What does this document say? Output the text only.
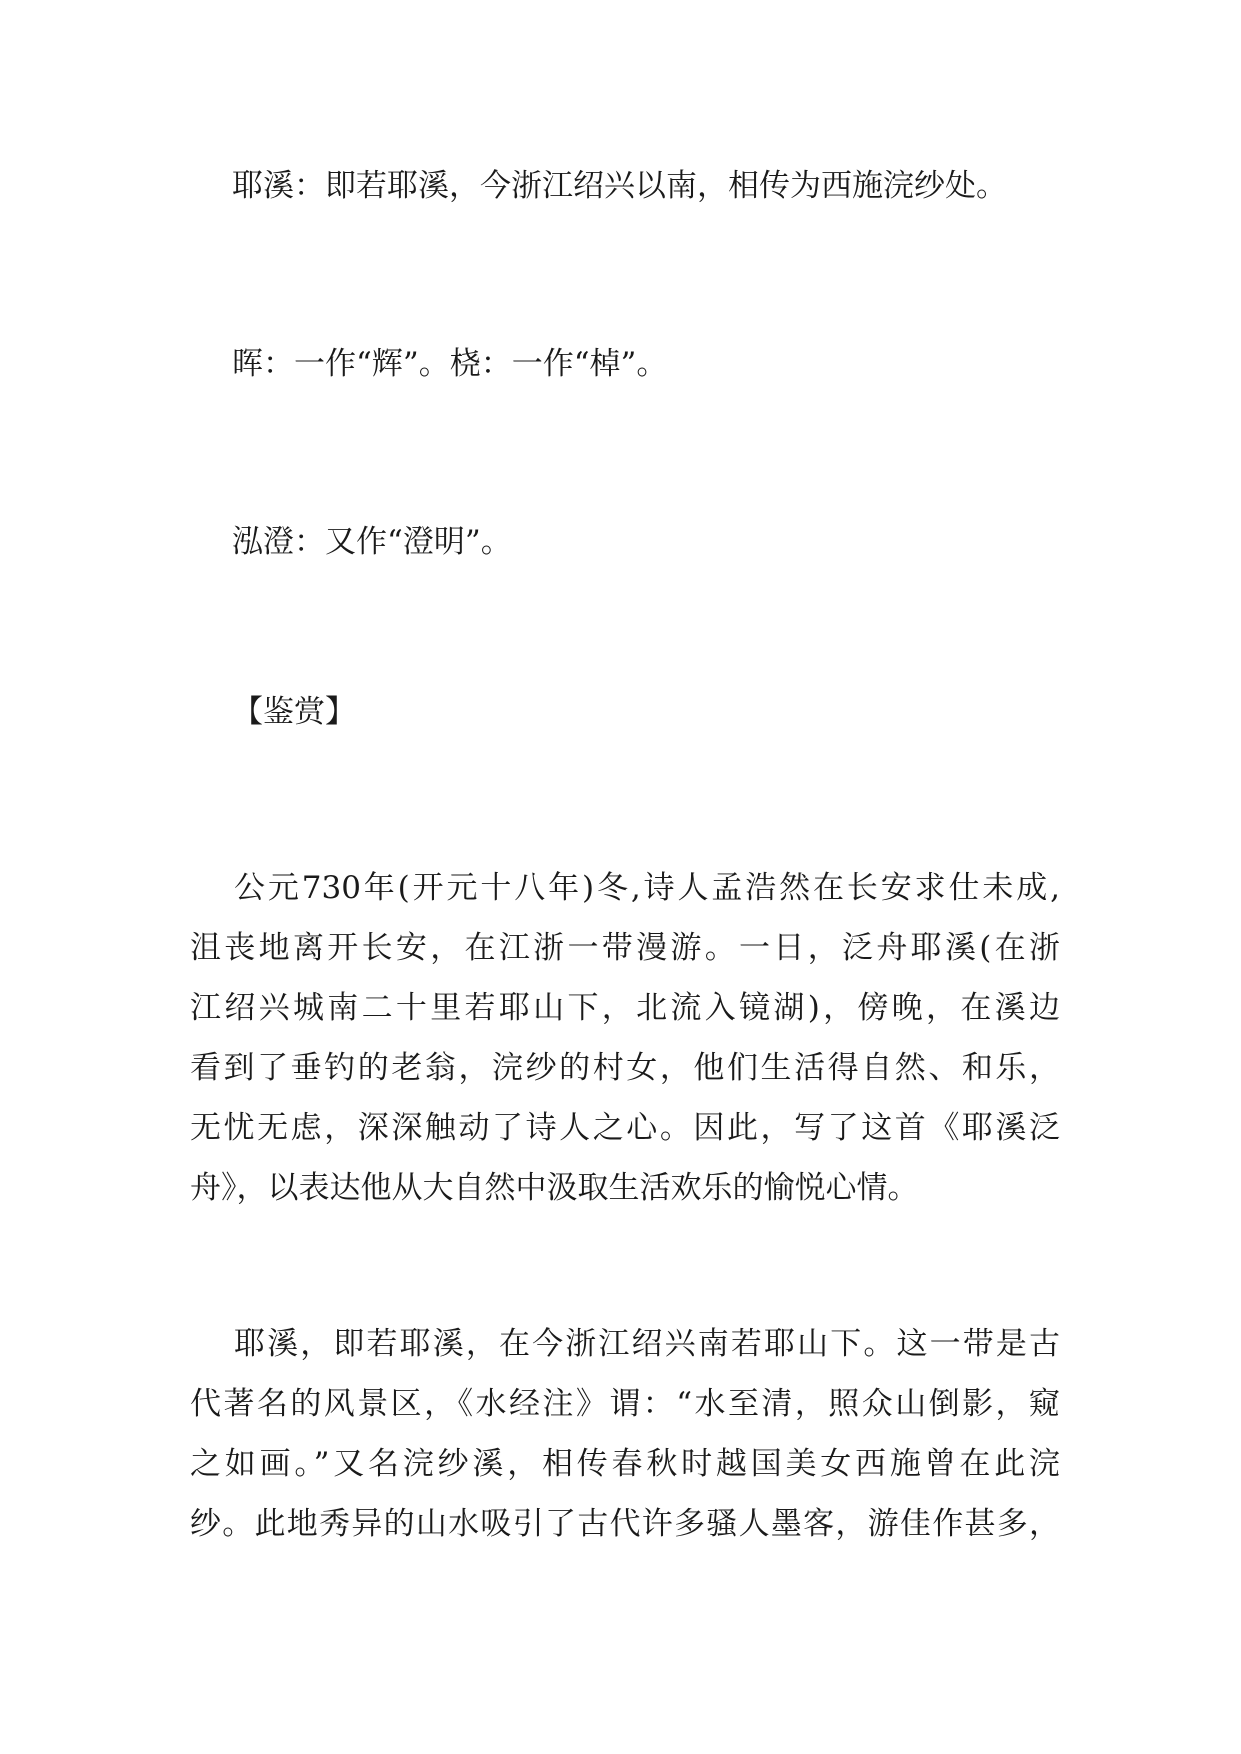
耶溪：即若耶溪，今浙江绍兴以南，相传为西施浣纱处。

晖：一作“辉”。桡：一作“棹”。

泓澄：又作“澄明”。

【鉴赏】

公元730年(开元十八年)冬,诗人孟浩然在长安求仕未成,
沮丧地离开长安，在江浙一带漫游。一日，泛舟耶溪(在浙
江绍兴城南二十里若耶山下，北流入镜湖)，傍晚，在溪边
看到了垂钓的老翁，浣纱的村女，他们生活得自然、和乐，
无忧无虑，深深触动了诗人之心。因此，写了这首《耶溪泛
舟》，以表达他从大自然中汲取生活欢乐的愉悦心情。
耶溪，即若耶溪，在今浙江绍兴南若耶山下。这一带是古
代著名的风景区，《水经注》谓：“水至清，照众山倒影，窥
之如画。”又名浣纱溪，相传春秋时越国美女西施曾在此浣
纱。此地秀异的山水吸引了古代许多骚人墨客，游佳作甚多，
